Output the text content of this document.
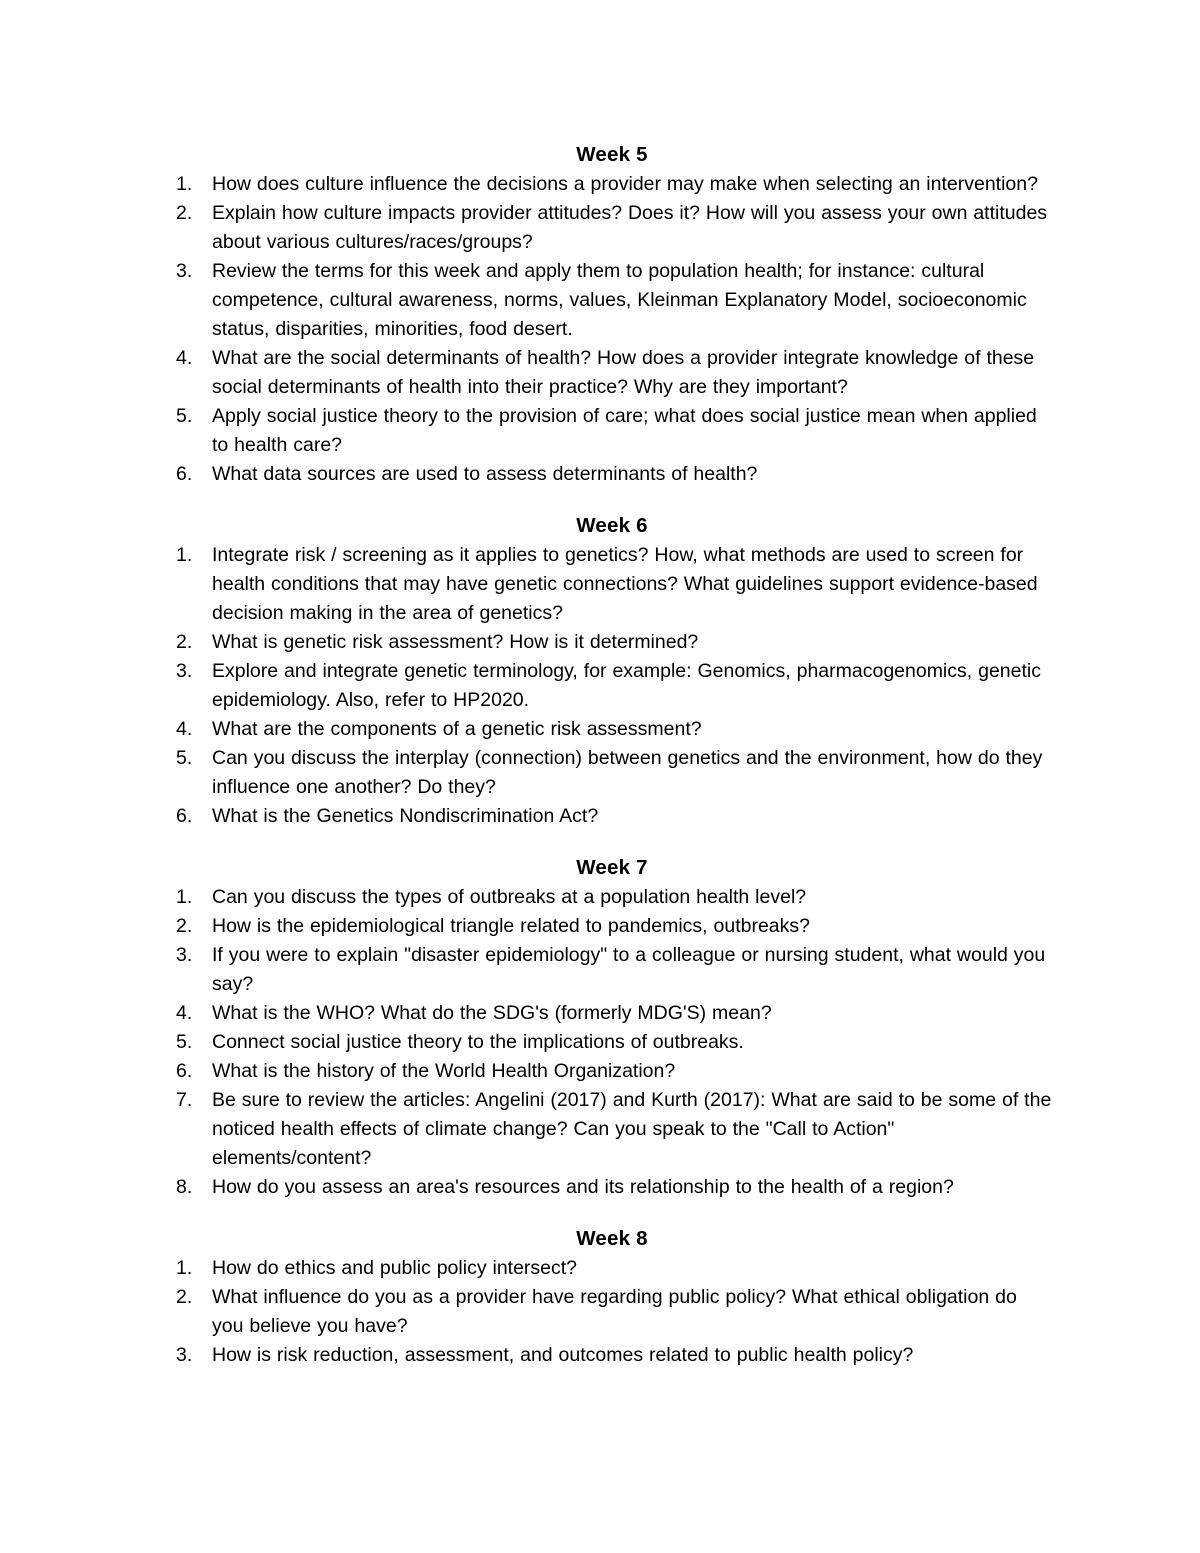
Week 5
1.	How does culture influence the decisions a provider may make when selecting an intervention?
2.	Explain how culture impacts provider attitudes? Does it? How will you assess your own attitudes about various cultures/races/groups?
3.	Review the terms for this week and apply them to population health; for instance: cultural competence, cultural awareness, norms, values, Kleinman Explanatory Model, socioeconomic status, disparities, minorities, food desert.
4.	What are the social determinants of health? How does a provider integrate knowledge of these social determinants of health into their practice? Why are they important?
5.	Apply social justice theory to the provision of care; what does social justice mean when applied to health care?
6.	What data sources are used to assess determinants of health?
Week 6
1.	Integrate risk / screening as it applies to genetics? How, what methods are used to screen for health conditions that may have genetic connections? What guidelines support evidence-based decision making in the area of genetics?
2.	What is genetic risk assessment? How is it determined?
3.	Explore and integrate genetic terminology, for example: Genomics, pharmacogenomics, genetic epidemiology. Also, refer to HP2020.
4.	What are the components of a genetic risk assessment?
5.	Can you discuss the interplay (connection) between genetics and the environment, how do they influence one another? Do they?
6.	What is the Genetics Nondiscrimination Act?
Week 7
1.	Can you discuss the types of outbreaks at a population health level?
2.	How is the epidemiological triangle related to pandemics, outbreaks?
3.	If you were to explain "disaster epidemiology" to a colleague or nursing student, what would you say?
4.	What is the WHO? What do the SDG's (formerly MDG'S) mean?
5.	Connect social justice theory to the implications of outbreaks.
6.	What is the history of the World Health Organization?
7.	Be sure to review the articles: Angelini (2017) and Kurth (2017): What are said to be some of the noticed health effects of climate change? Can you speak to the "Call to Action" elements/content?
8.	How do you assess an area's resources and its relationship to the health of a region?
Week 8
1.	How do ethics and public policy intersect?
2.	What influence do you as a provider have regarding public policy? What ethical obligation do you believe you have?
3.	How is risk reduction, assessment, and outcomes related to public health policy?
